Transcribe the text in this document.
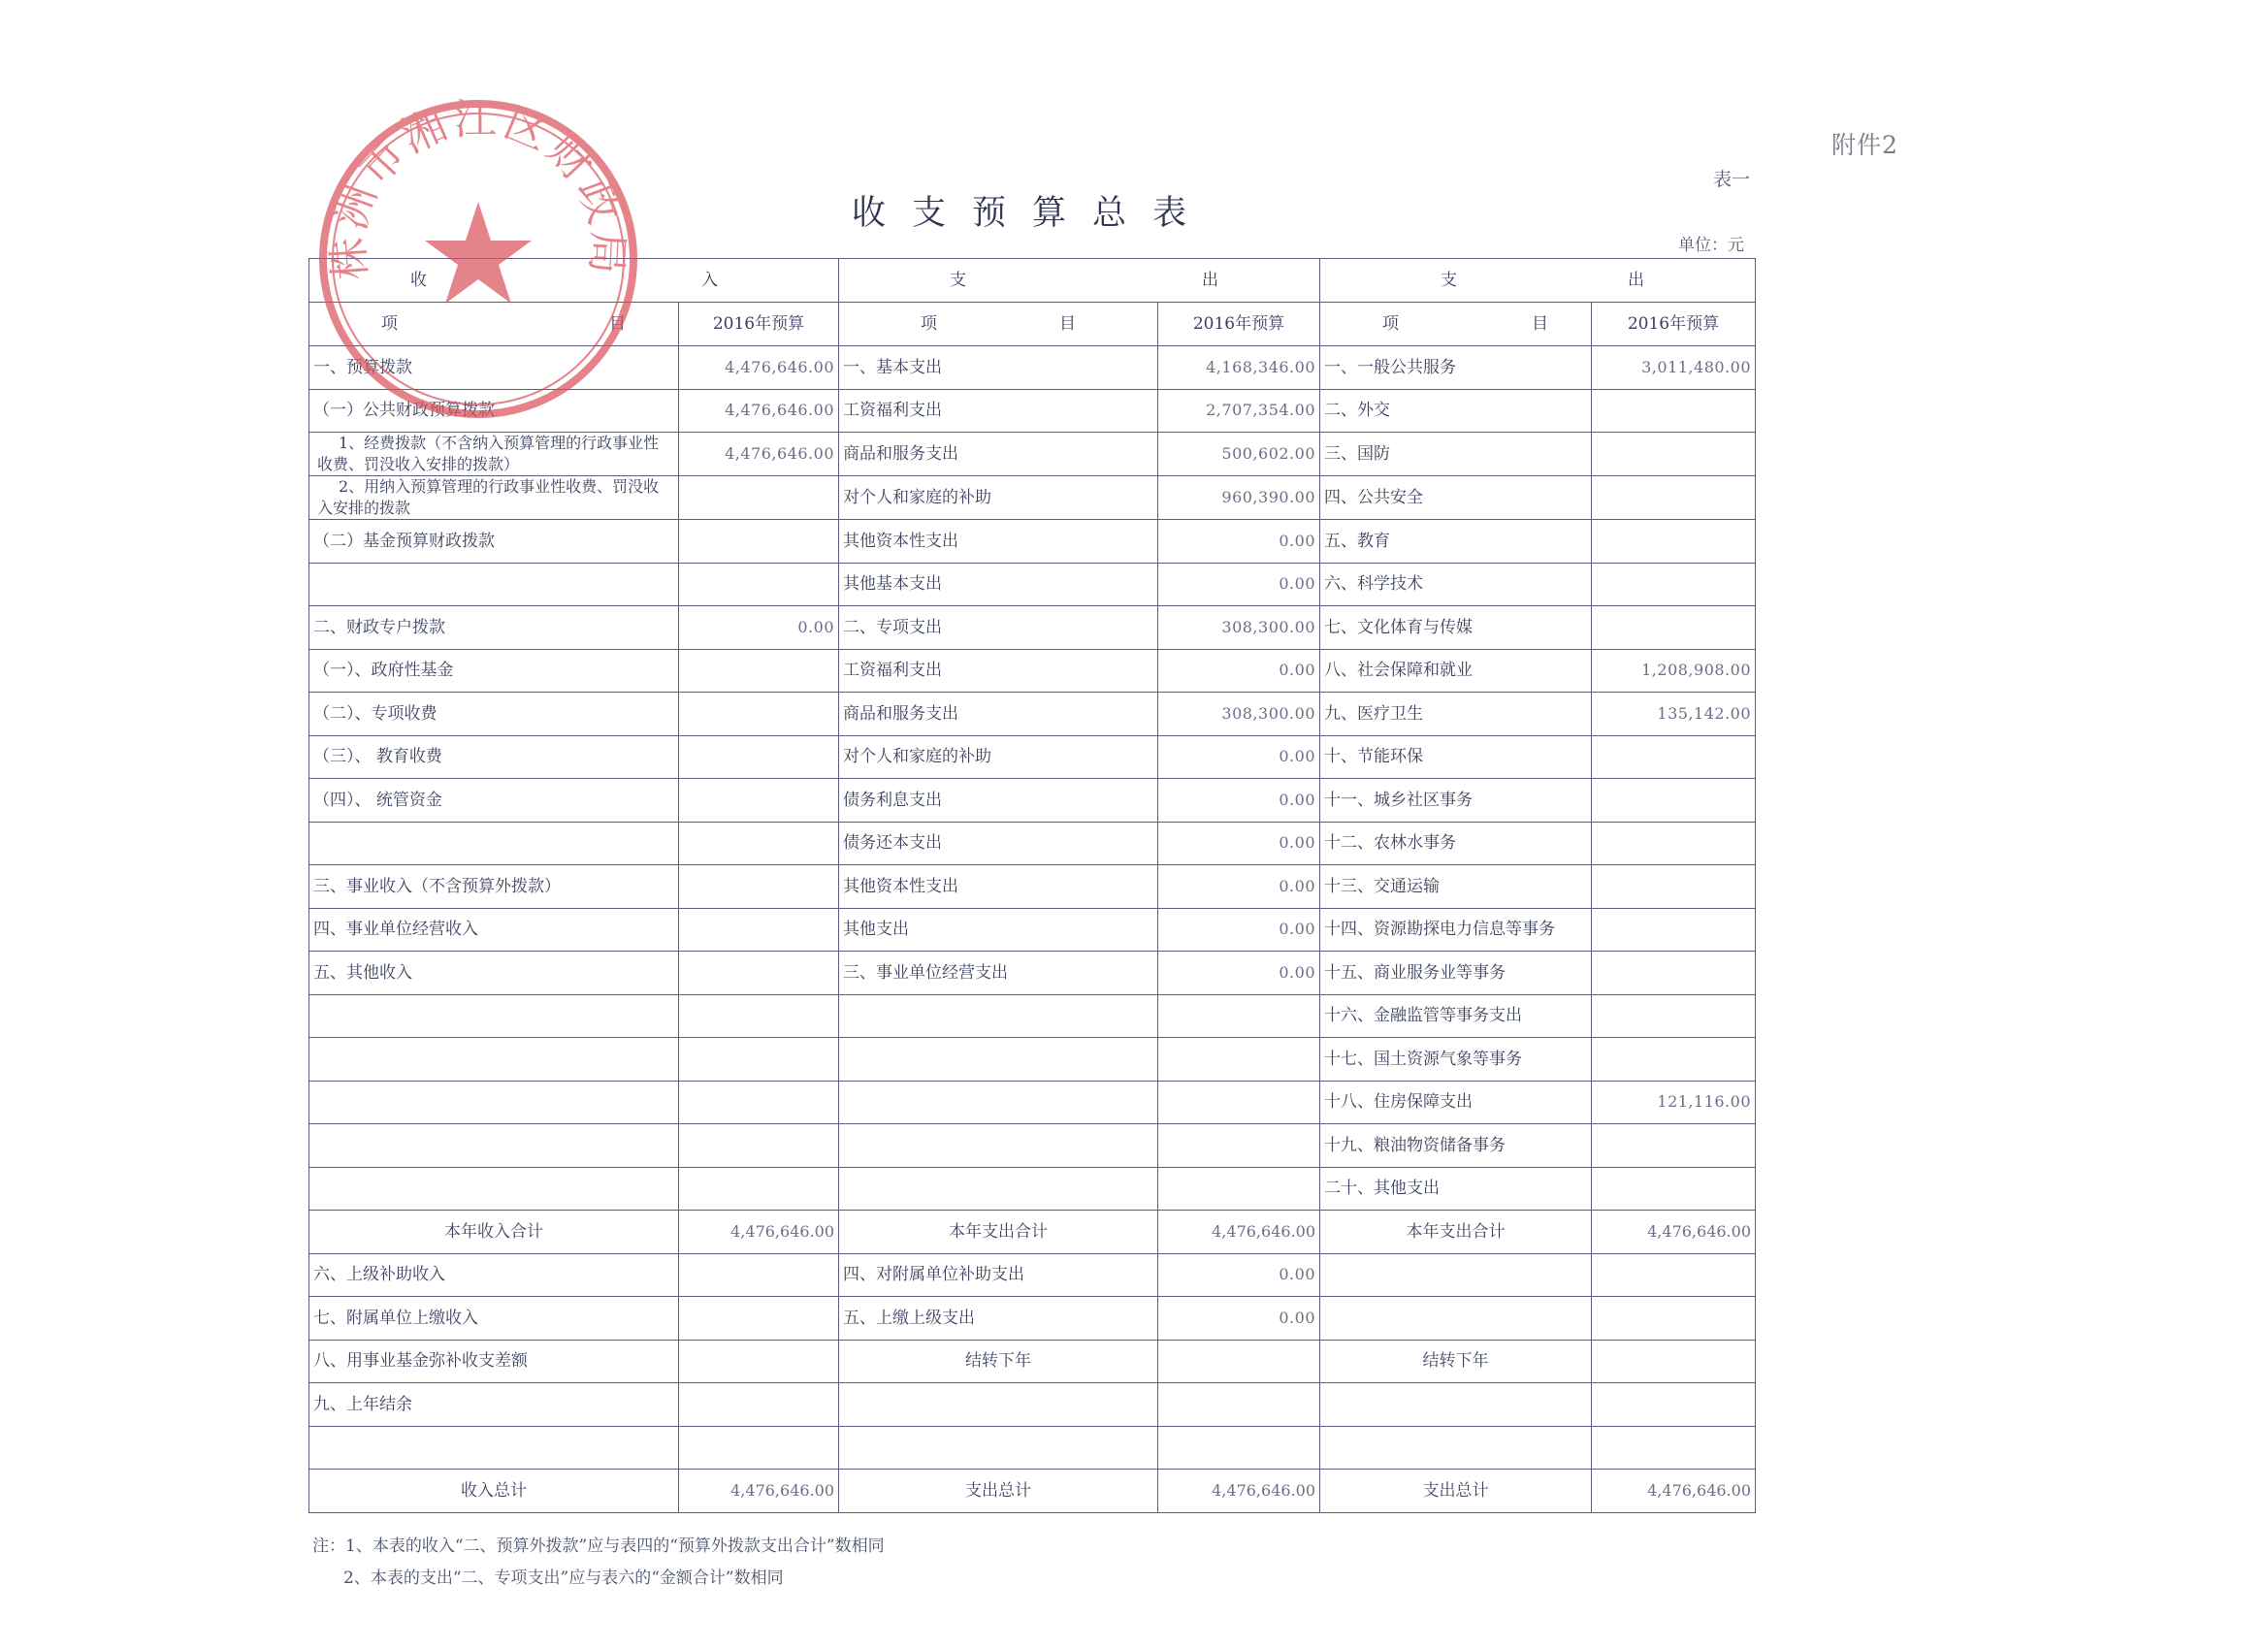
附件2
表一
收支预算总表
单位：元
收 入		支 出		支 出	

项 目	2016年预算	项 目	2016年预算	项 目	2016年预算
一、预算拨款	4,476,646.00	一、基本支出	4,168,346.00	一、一般公共服务	3,011,480.00
（一）公共财政预算拨款	4,476,646.00	工资福利支出	2,707,354.00	二、外交	
1、经费拨款（不含纳入预算管理的行政事业性收费、罚没收入安排的拨款）	4,476,646.00	商品和服务支出	500,602.00	三、国防	
2、用纳入预算管理的行政事业性收费、罚没收入安排的拨款		对个人和家庭的补助	960,390.00	四、公共安全	
（二）基金预算财政拨款		其他资本性支出	0.00	五、教育	
		其他基本支出	0.00	六、科学技术	
二、财政专户拨款	0.00	二、专项支出	308,300.00	七、文化体育与传媒	
（一）、政府性基金		工资福利支出	0.00	八、社会保障和就业	1,208,908.00
（二）、专项收费		商品和服务支出	308,300.00	九、医疗卫生	135,142.00
（三）、 教育收费		对个人和家庭的补助	0.00	十、节能环保	
（四）、 统管资金		债务利息支出	0.00	十一、城乡社区事务	
		债务还本支出	0.00	十二、农林水事务	
三、事业收入（不含预算外拨款）		其他资本性支出	0.00	十三、交通运输	
四、事业单位经营收入		其他支出	0.00	十四、资源勘探电力信息等事务	
五、其他收入		三、事业单位经营支出	0.00	十五、商业服务业等事务	
				十六、金融监管等事务支出	
				十七、国土资源气象等事务	
				十八、住房保障支出	121,116.00
				十九、粮油物资储备事务	
				二十、其他支出	
本年收入合计	4,476,646.00	本年支出合计	4,476,646.00	本年支出合计	4,476,646.00
六、上级补助收入		四、对附属单位补助支出	0.00		
七、附属单位上缴收入		五、上缴上级支出	0.00		
八、用事业基金弥补收支差额		结转下年		结转下年	
九、上年结余					

收入总计	4,476,646.00	支出总计	4,476,646.00	支出总计	4,476,646.00
注：1、本表的收入“二、预算外拨款”应与表四的“预算外拨款支出合计”数相同
2、本表的支出“二、专项支出”应与表六的“金额合计”数相同
株洲市湘江区财政局
